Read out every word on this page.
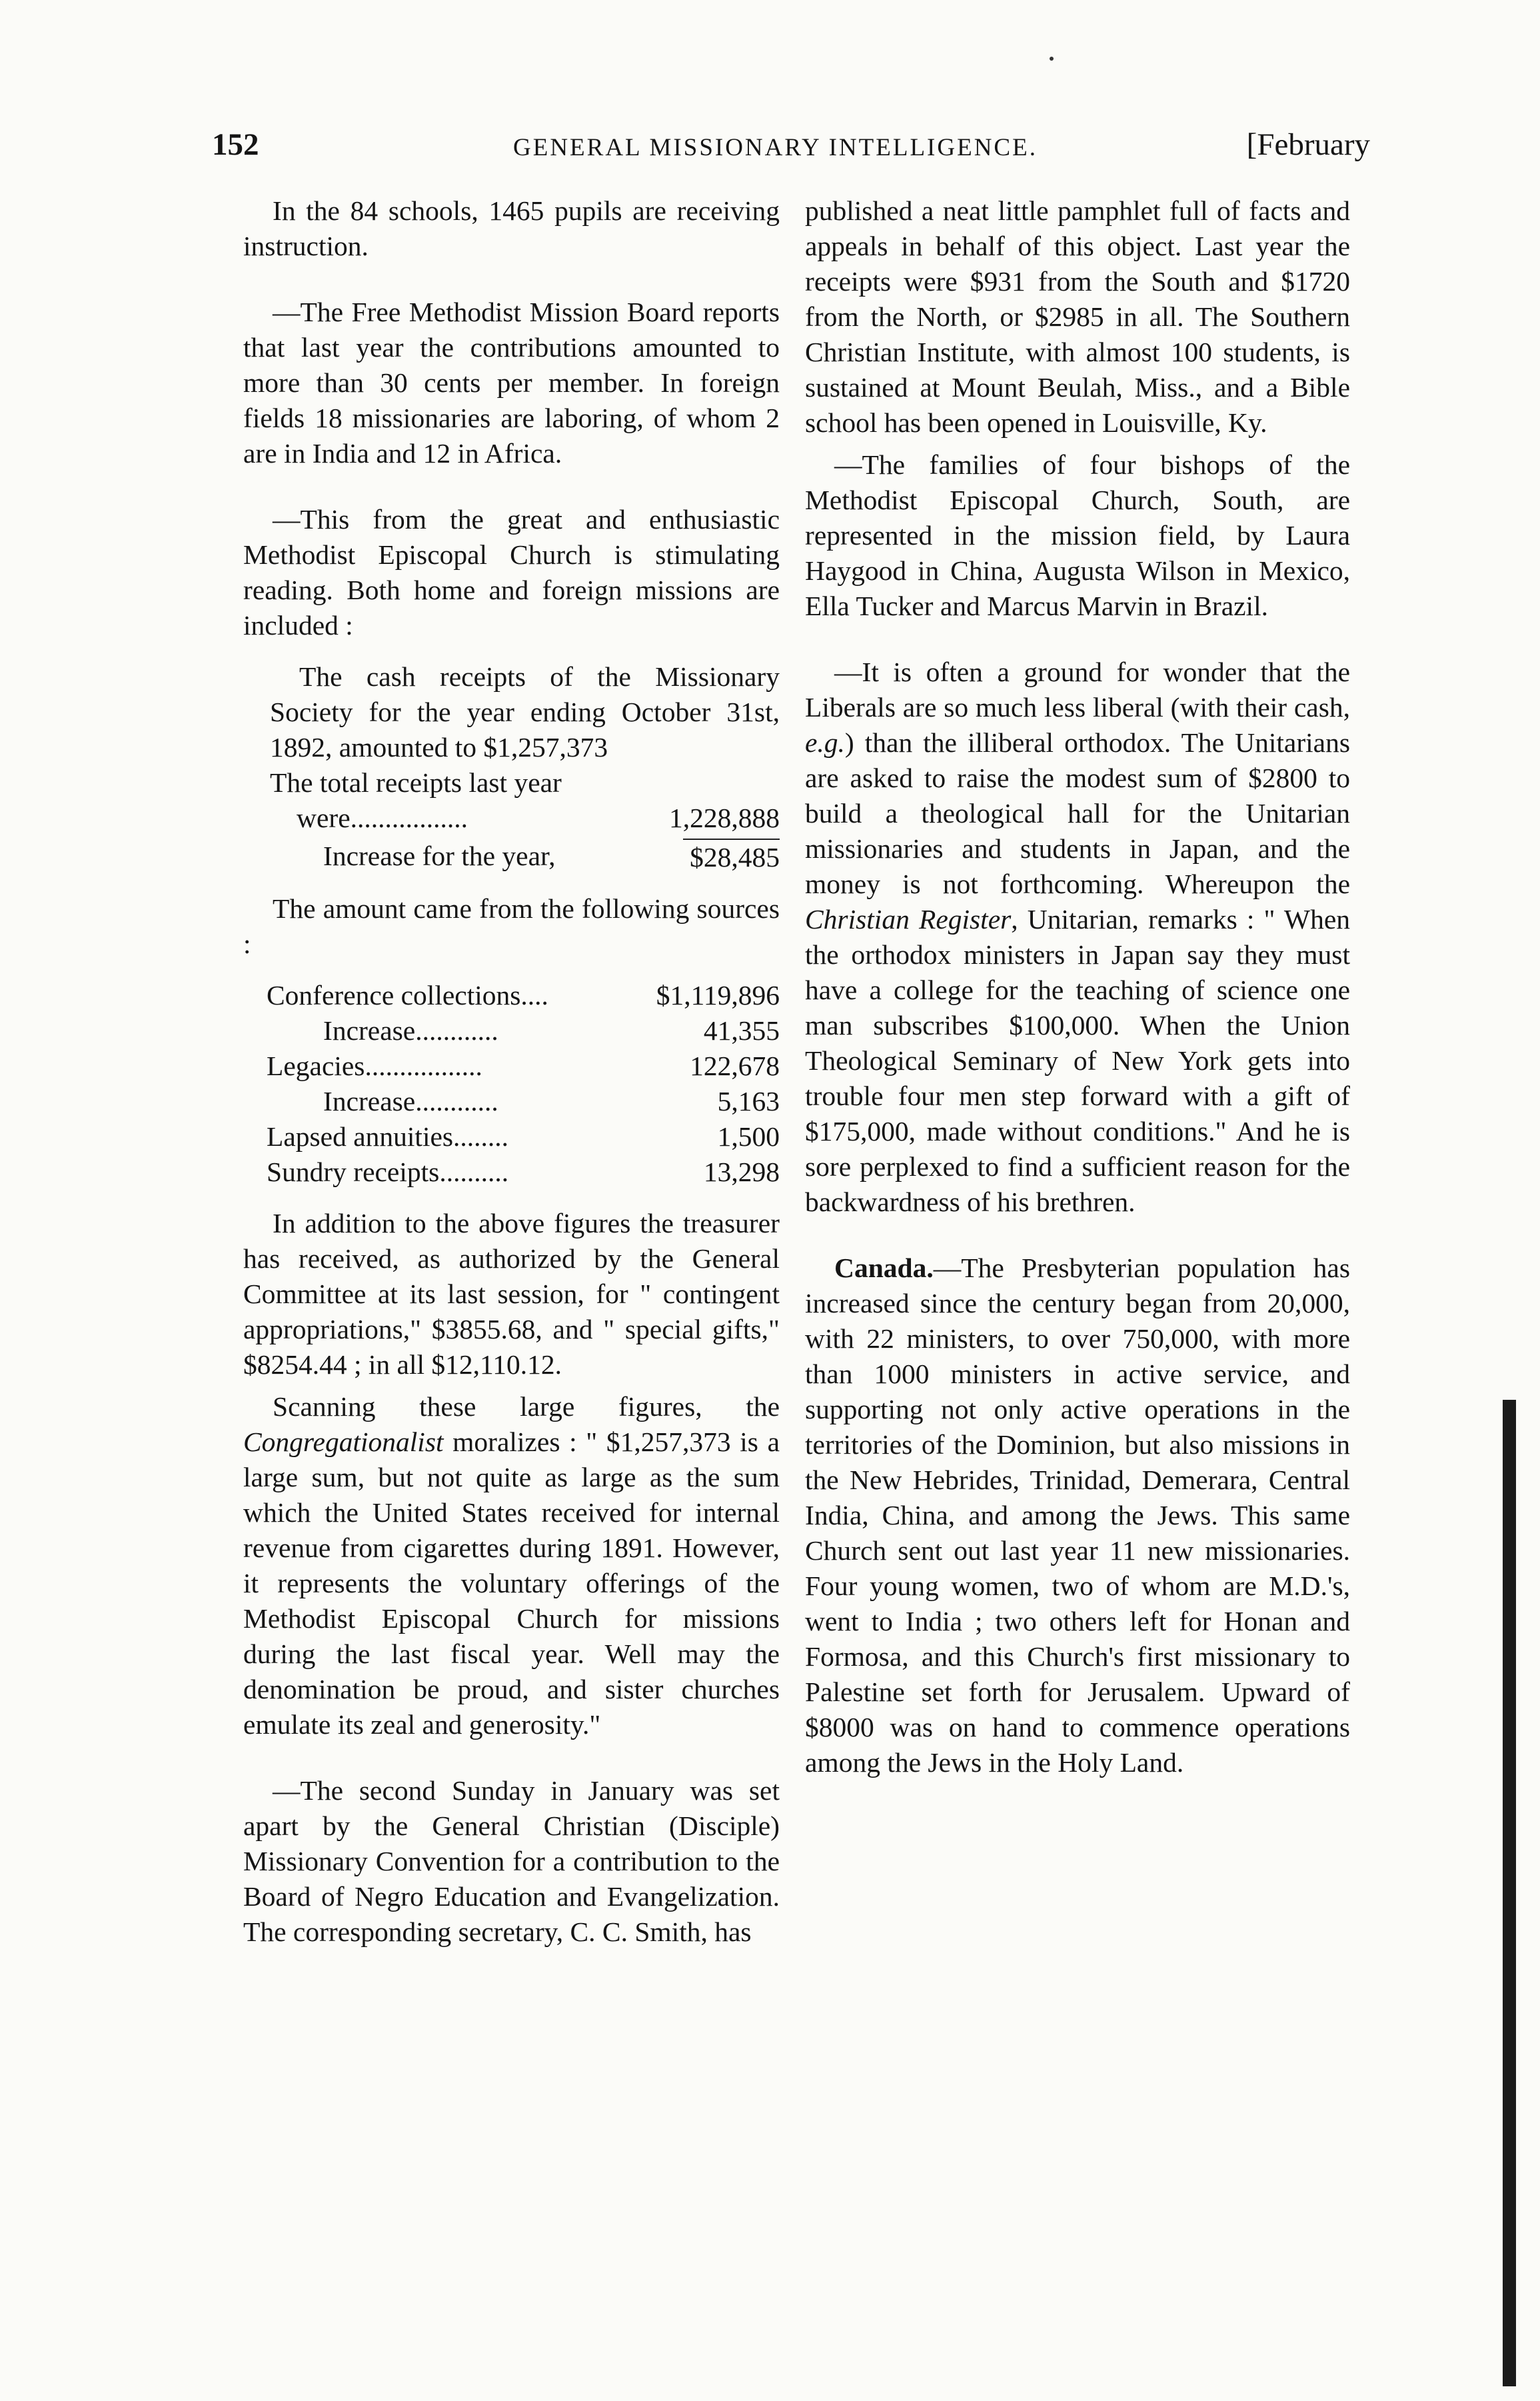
152	GENERAL MISSIONARY INTELLIGENCE.	[February

In the 84 schools, 1465 pupils are receiving instruction.

—The Free Methodist Mission Board reports that last year the contributions amounted to more than 30 cents per member. In foreign fields 18 missionaries are laboring, of whom 2 are in India and 12 in Africa.

—This from the great and enthusiastic Methodist Episcopal Church is stimulating reading. Both home and foreign missions are included :

The cash receipts of the Missionary Society for the year ending October 31st, 1892, amounted to $1,257,373

The total receipts last year

were.................	1,228,888
Increase for the year,	$28,485

The amount came from the following sources :

Conference collections....	$1,119,896
Increase............	41,355
Legacies.................	122,678
Increase............	5,163
Lapsed annuities........	1,500
Sundry receipts..........	13,298

In addition to the above figures the treasurer has received, as authorized by the General Committee at its last session, for " contingent appropriations," $3855.68, and " special gifts," $8254.44 ; in all $12,110.12.

Scanning these large figures, the Congregationalist moralizes : " $1,257,373 is a large sum, but not quite as large as the sum which the United States received for internal revenue from cigarettes during 1891. However, it represents the voluntary offerings of the Methodist Episcopal Church for missions during the last fiscal year. Well may the denomination be proud, and sister churches emulate its zeal and generosity."

—The second Sunday in January was set apart by the General Christian (Disciple) Missionary Convention for a contribution to the Board of Negro Education and Evangelization. The corresponding secretary, C. C. Smith, has

published a neat little pamphlet full of facts and appeals in behalf of this object. Last year the receipts were $931 from the South and $1720 from the North, or $2985 in all. The Southern Christian Institute, with almost 100 students, is sustained at Mount Beulah, Miss., and a Bible school has been opened in Louisville, Ky.

—The families of four bishops of the Methodist Episcopal Church, South, are represented in the mission field, by Laura Haygood in China, Augusta Wilson in Mexico, Ella Tucker and Marcus Marvin in Brazil.

—It is often a ground for wonder that the Liberals are so much less liberal (with their cash, e.g.) than the illiberal orthodox. The Unitarians are asked to raise the modest sum of $2800 to build a theological hall for the Unitarian missionaries and students in Japan, and the money is not forthcoming. Whereupon the Christian Register, Unitarian, remarks : " When the orthodox ministers in Japan say they must have a college for the teaching of science one man subscribes $100,000. When the Union Theological Seminary of New York gets into trouble four men step forward with a gift of $175,000, made without conditions." And he is sore perplexed to find a sufficient reason for the backwardness of his brethren.

Canada.—The Presbyterian population has increased since the century began from 20,000, with 22 ministers, to over 750,000, with more than 1000 ministers in active service, and supporting not only active operations in the territories of the Dominion, but also missions in the New Hebrides, Trinidad, Demerara, Central India, China, and among the Jews. This same Church sent out last year 11 new missionaries. Four young women, two of whom are M.D.'s, went to India ; two others left for Honan and Formosa, and this Church's first missionary to Palestine set forth for Jerusalem. Upward of $8000 was on hand to commence operations among the Jews in the Holy Land.
